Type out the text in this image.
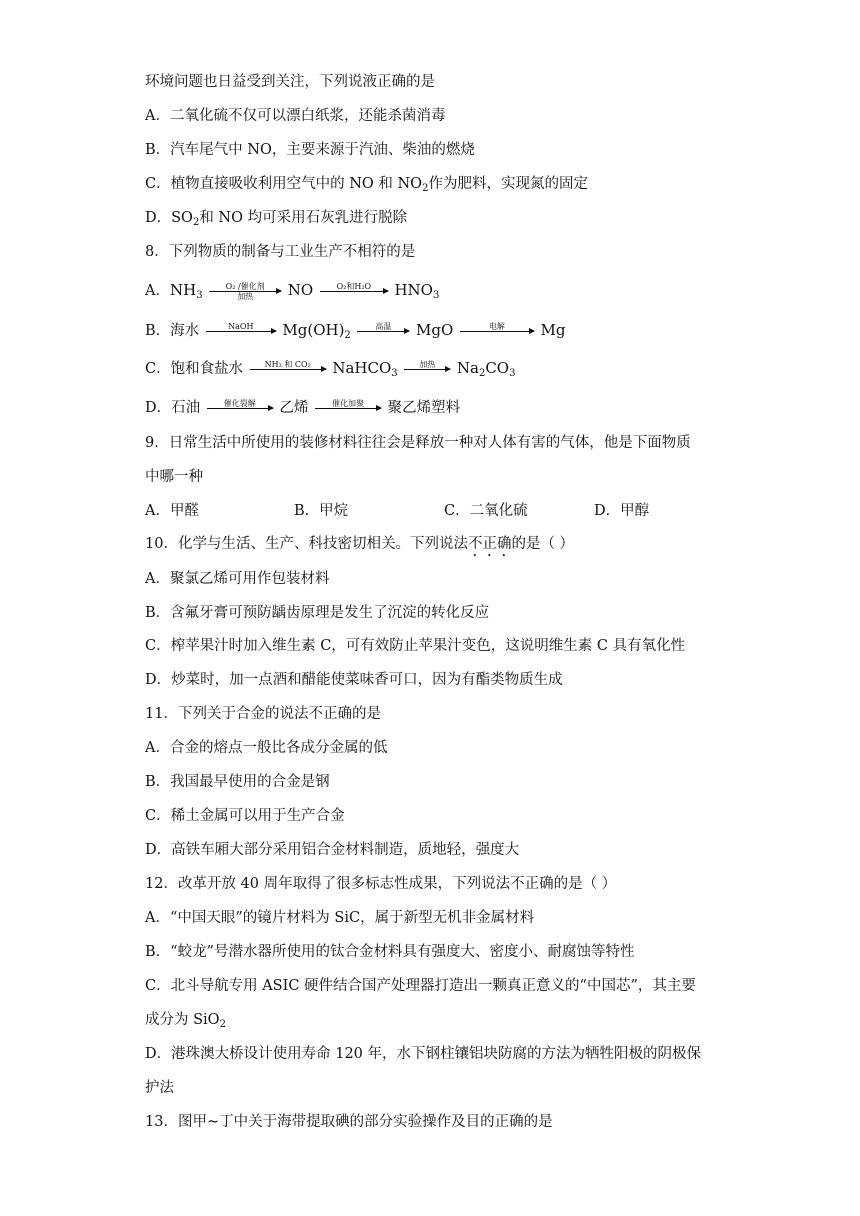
环境问题也日益受到关注，下列说液正确的是
A．二氧化硫不仅可以漂白纸浆，还能杀菌消毒
B．汽车尾气中 NO，主要来源于汽油、柴油的燃烧
C．植物直接吸收利用空气中的 NO 和 $NO_2$作为肥料，实现氮的固定
D．$SO_2$和 NO 均可采用石灰乳进行脱除
8．下列物质的制备与工业生产不相符的是
A．$NH_3$
O₂ /催化剂
加热	NO	O₂和H₂O
	$HNO_3$
B．海水	NaOH
	$Mg(OH)_2$
高温
	MgO	电解
	Mg
C．饱和食盐水	NH₃ 和 CO₂
	NaHCO$_3$
加热
	$Na_2CO_3$
D．石油	催化裂解
	乙烯	催化加聚
	聚乙烯塑料
9．日常生活中所使用的装修材料往往会是释放一种对人体有害的气体，他是下面物质
中哪一种
A．甲醛	B．甲烷	C．二氧化硫	D．甲醇
10．化学与生活、生产、科技密切相关。下列说法不正确的是（ ）
A．聚氯乙烯可用作包装材料
B．含氟牙膏可预防龋齿原理是发生了沉淀的转化反应
C．榨苹果汁时加入维生素 C，可有效防止苹果汁变色，这说明维生素 C 具有氧化性
D．炒菜时，加一点酒和醋能使菜味香可口，因为有酯类物质生成
11．下列关于合金的说法不正确的是
A．合金的熔点一般比各成分金属的低
B．我国最早使用的合金是钢
C．稀土金属可以用于生产合金
D．高铁车厢大部分采用铝合金材料制造，质地轻，强度大
12．改革开放 40 周年取得了很多标志性成果，下列说法不正确的是（ ）
A．“中国天眼”的镜片材料为 SiC，属于新型无机非金属材料
B．“蛟龙”号潜水器所使用的钛合金材料具有强度大、密度小、耐腐蚀等特性
C．北斗导航专用 ASIC 硬件结合国产处理器打造出一颗真正意义的“中国芯”，其主要
成分为 SiO$_2$
D．港珠澳大桥设计使用寿命 120 年，水下钢柱镶铝块防腐的方法为牺牲阳极的阴极保
护法
13．图甲~丁中关于海带提取碘的部分实验操作及目的正确的是
